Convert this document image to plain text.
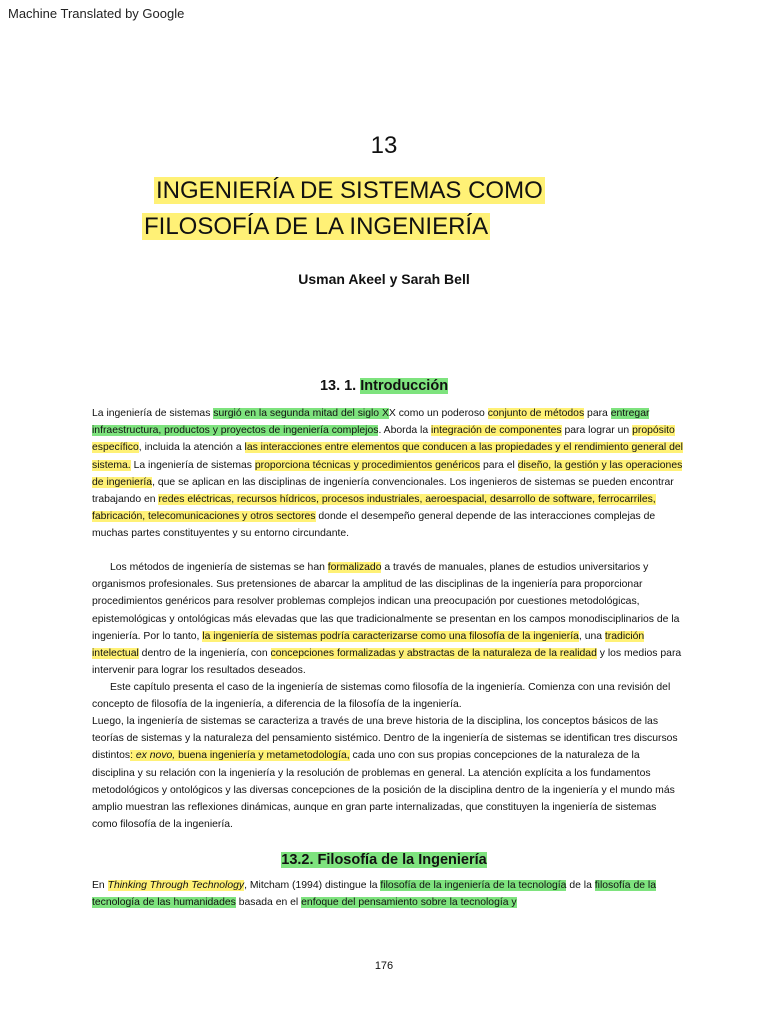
Machine Translated by Google
13
INGENIERÍA DE SISTEMAS COMO
FILOSOFÍA DE LA INGENIERÍA
Usman Akeel y Sarah Bell
13. 1. Introducción
La ingeniería de sistemas surgió en la segunda mitad del siglo XX como un poderoso conjunto de métodos para entregar infraestructura, productos y proyectos de ingeniería complejos. Aborda la integración de componentes para lograr un propósito específico, incluida la atención a las interacciones entre elementos que conducen a las propiedades y el rendimiento general del sistema. La ingeniería de sistemas proporciona técnicas y procedimientos genéricos para el diseño, la gestión y las operaciones de ingeniería, que se aplican en las disciplinas de ingeniería convencionales. Los ingenieros de sistemas se pueden encontrar trabajando en redes eléctricas, recursos hídricos, procesos industriales, aeroespacial, desarrollo de software, ferrocarriles, fabricación, telecomunicaciones y otros sectores donde el desempeño general depende de las interacciones complejas de muchas partes constituyentes y su entorno circundante.
Los métodos de ingeniería de sistemas se han formalizado a través de manuales, planes de estudios universitarios y organismos profesionales. Sus pretensiones de abarcar la amplitud de las disciplinas de la ingeniería para proporcionar procedimientos genéricos para resolver problemas complejos indican una preocupación por cuestiones metodológicas, epistemológicas y ontológicas más elevadas que las que tradicionalmente se presentan en los campos monodisciplinarios de la ingeniería. Por lo tanto, la ingeniería de sistemas podría caracterizarse como una filosofía de la ingeniería, una tradición intelectual dentro de la ingeniería, con concepciones formalizadas y abstractas de la naturaleza de la realidad y los medios para intervenir para lograr los resultados deseados.
Este capítulo presenta el caso de la ingeniería de sistemas como filosofía de la ingeniería. Comienza con una revisión del concepto de filosofía de la ingeniería, a diferencia de la filosofía de la ingeniería.
Luego, la ingeniería de sistemas se caracteriza a través de una breve historia de la disciplina, los conceptos básicos de las teorías de sistemas y la naturaleza del pensamiento sistémico. Dentro de la ingeniería de sistemas se identifican tres discursos distintos: ex novo, buena ingeniería y metametodología, cada uno con sus propias concepciones de la naturaleza de la disciplina y su relación con la ingeniería y la resolución de problemas en general. La atención explícita a los fundamentos metodológicos y ontológicos y las diversas concepciones de la posición de la disciplina dentro de la ingeniería y el mundo más amplio muestran las reflexiones dinámicas, aunque en gran parte internalizadas, que constituyen la ingeniería de sistemas como filosofía de la ingeniería.
13.2. Filosofía de la Ingeniería
En Thinking Through Technology, Mitcham (1994) distingue la filosofía de la ingeniería de la tecnología de la filosofía de la tecnología de las humanidades basada en el enfoque del pensamiento sobre la tecnología y
176
